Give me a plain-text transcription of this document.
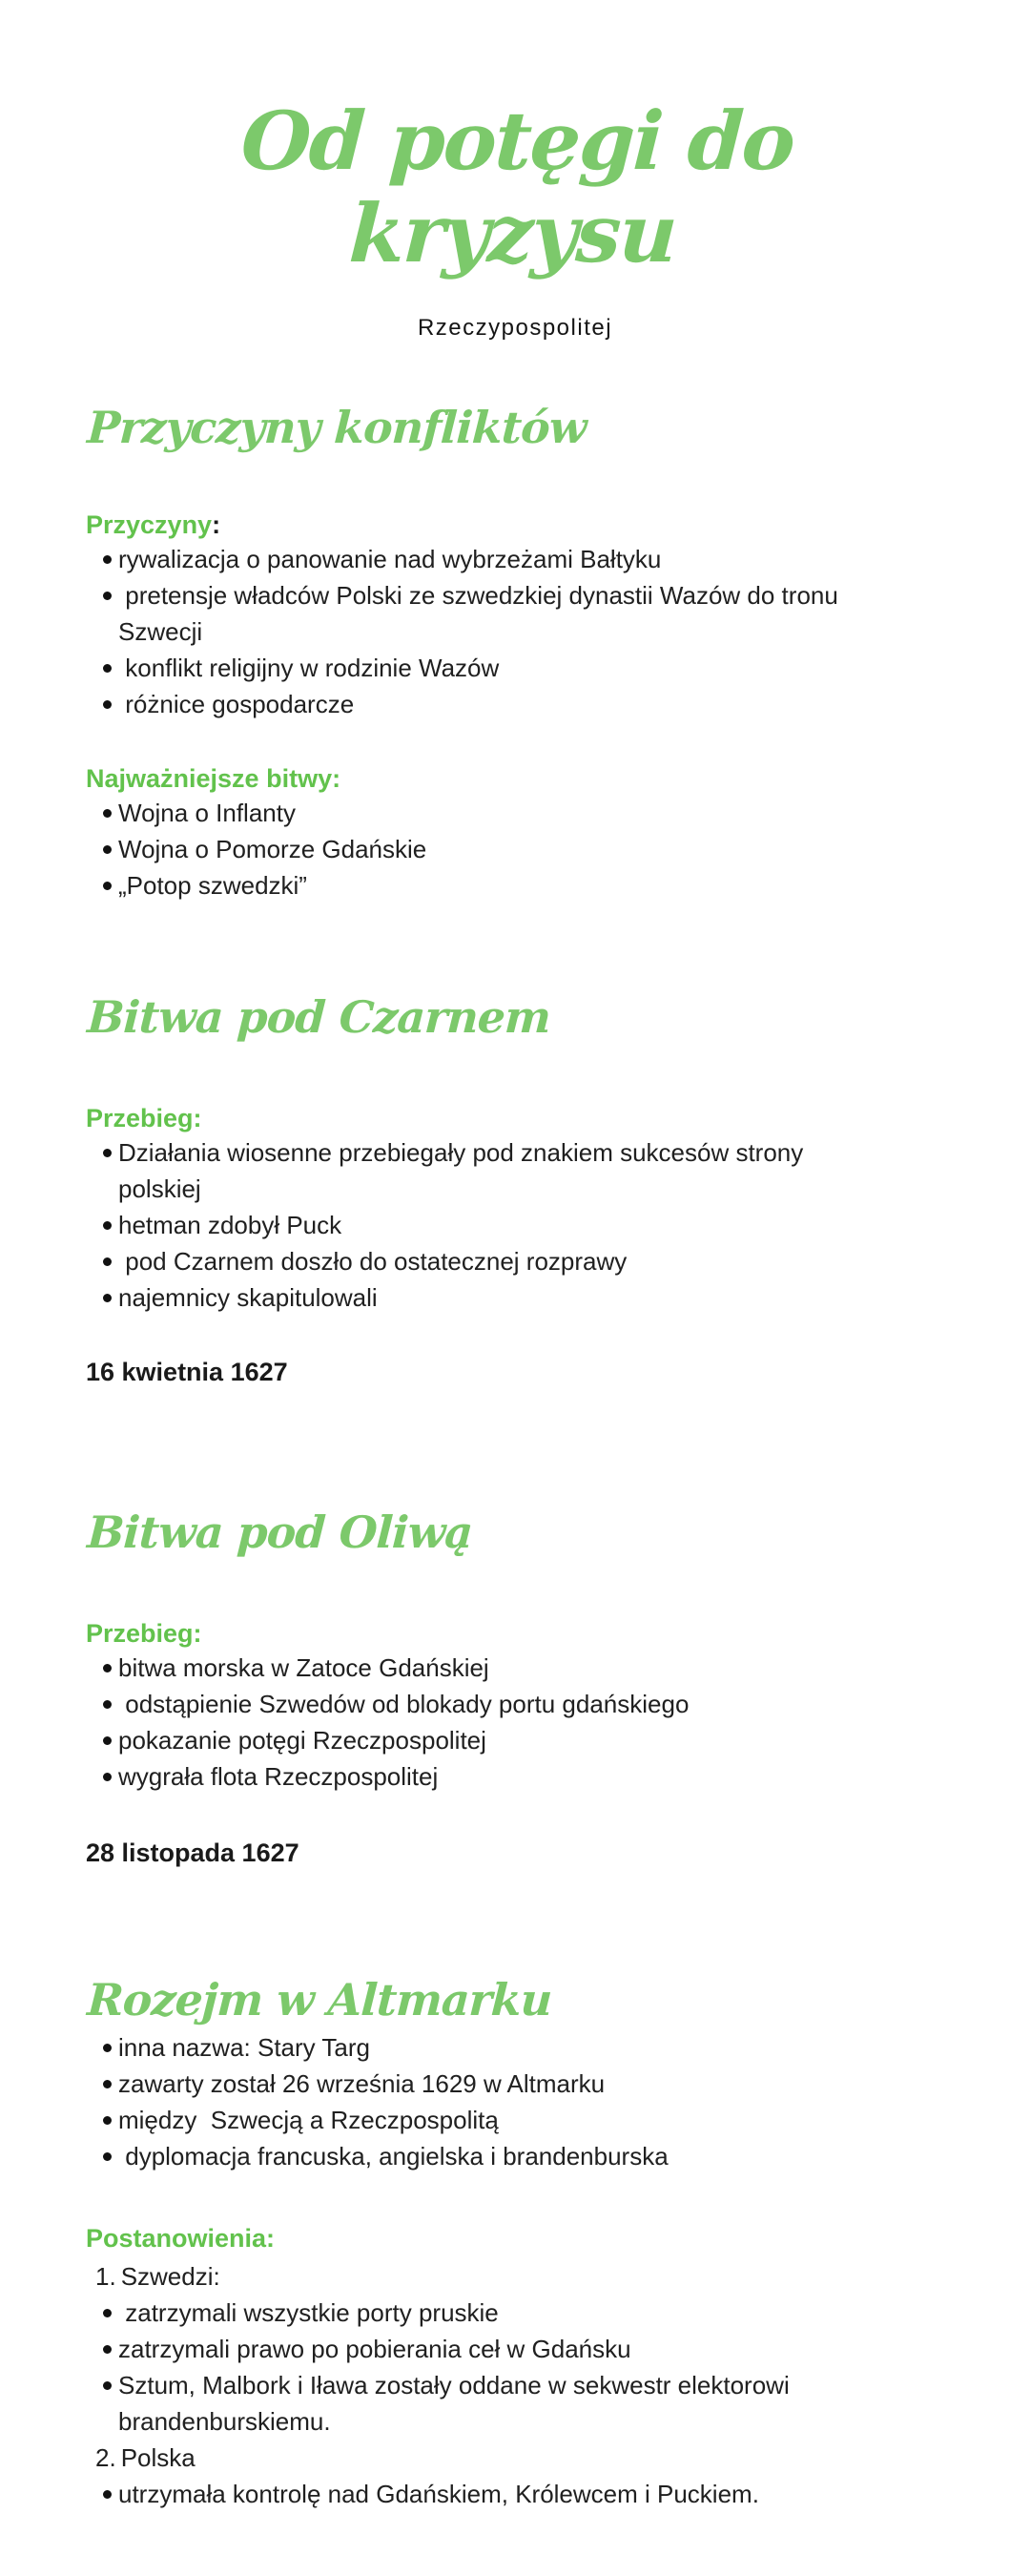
Od potęgi do kryzysu
Rzeczypospolitej
Przyczyny konfliktów
Przyczyny:
rywalizacja o panowanie nad wybrzeżami Bałtyku
pretensje władców Polski ze szwedzkiej dynastii Wazów do tronu Szwecji
konflikt religijny w rodzinie Wazów
różnice gospodarcze
Najważniejsze bitwy:
Wojna o Inflanty
Wojna o Pomorze Gdańskie
„Potop szwedzki”
Bitwa pod Czarnem
Przebieg:
Działania wiosenne przebiegały pod znakiem sukcesów strony polskiej
hetman zdobył Puck
pod Czarnem doszło do ostatecznej rozprawy
najemnicy skapitulowali
16 kwietnia 1627
Bitwa pod Oliwą
Przebieg:
bitwa morska w Zatoce Gdańskiej
odstąpienie Szwedów od blokady portu gdańskiego
pokazanie potęgi Rzeczpospolitej
wygrała flota Rzeczpospolitej
28 listopada 1627
Rozejm w Altmarku
inna nazwa: Stary Targ
zawarty został 26 września 1629 w Altmarku
między  Szwecją a Rzeczpospolitą
dyplomacja francuska, angielska i brandenburska
Postanowienia:
1. Szwedzi:
zatrzymali wszystkie porty pruskie
zatrzymali prawo po pobierania ceł w Gdańsku
Sztum, Malbork i Iława zostały oddane w sekwestr elektorowi brandenburskiemu.
2. Polska
utrzymała kontrolę nad Gdańskiem, Królewcem i Puckiem.
